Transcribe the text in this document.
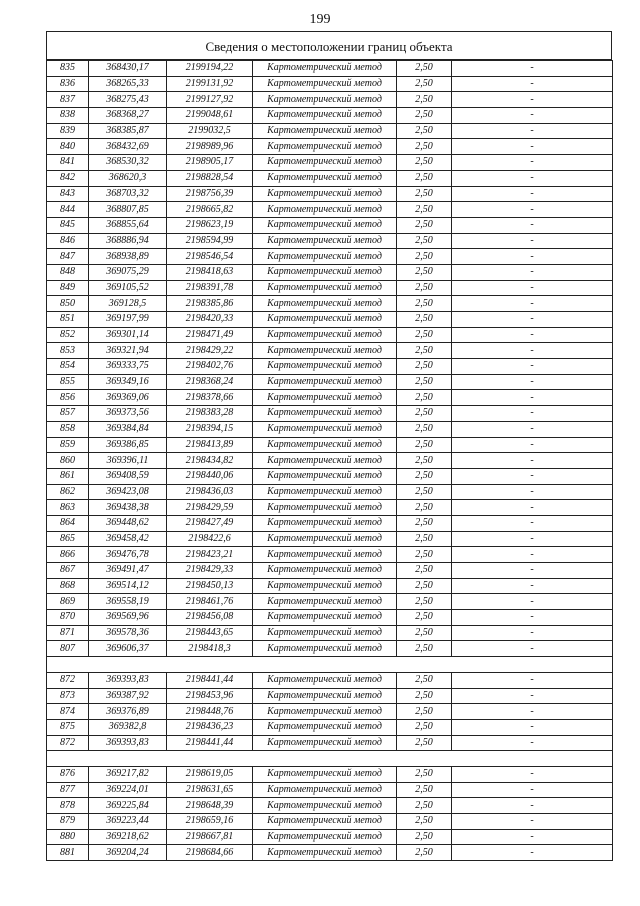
199
Сведения о местоположении границ объекта
835	368430,17	2199194,22	Картометрический метод	2,50	-
836	368265,33	2199131,92	Картометрический метод	2,50	-
837	368275,43	2199127,92	Картометрический метод	2,50	-
838	368368,27	2199048,61	Картометрический метод	2,50	-
839	368385,87	2199032,5	Картометрический метод	2,50	-
840	368432,69	2198989,96	Картометрический метод	2,50	-
841	368530,32	2198905,17	Картометрический метод	2,50	-
842	368620,3	2198828,54	Картометрический метод	2,50	-
843	368703,32	2198756,39	Картометрический метод	2,50	-
844	368807,85	2198665,82	Картометрический метод	2,50	-
845	368855,64	2198623,19	Картометрический метод	2,50	-
846	368886,94	2198594,99	Картометрический метод	2,50	-
847	368938,89	2198546,54	Картометрический метод	2,50	-
848	369075,29	2198418,63	Картометрический метод	2,50	-
849	369105,52	2198391,78	Картометрический метод	2,50	-
850	369128,5	2198385,86	Картометрический метод	2,50	-
851	369197,99	2198420,33	Картометрический метод	2,50	-
852	369301,14	2198471,49	Картометрический метод	2,50	-
853	369321,94	2198429,22	Картометрический метод	2,50	-
854	369333,75	2198402,76	Картометрический метод	2,50	-
855	369349,16	2198368,24	Картометрический метод	2,50	-
856	369369,06	2198378,66	Картометрический метод	2,50	-
857	369373,56	2198383,28	Картометрический метод	2,50	-
858	369384,84	2198394,15	Картометрический метод	2,50	-
859	369386,85	2198413,89	Картометрический метод	2,50	-
860	369396,11	2198434,82	Картометрический метод	2,50	-
861	369408,59	2198440,06	Картометрический метод	2,50	-
862	369423,08	2198436,03	Картометрический метод	2,50	-
863	369438,38	2198429,59	Картометрический метод	2,50	-
864	369448,62	2198427,49	Картометрический метод	2,50	-
865	369458,42	2198422,6	Картометрический метод	2,50	-
866	369476,78	2198423,21	Картометрический метод	2,50	-
867	369491,47	2198429,33	Картометрический метод	2,50	-
868	369514,12	2198450,13	Картометрический метод	2,50	-
869	369558,19	2198461,76	Картометрический метод	2,50	-
870	369569,96	2198456,08	Картометрический метод	2,50	-
871	369578,36	2198443,65	Картометрический метод	2,50	-
807	369606,37	2198418,3	Картометрический метод	2,50	-

872	369393,83	2198441,44	Картометрический метод	2,50	-
873	369387,92	2198453,96	Картометрический метод	2,50	-
874	369376,89	2198448,76	Картометрический метод	2,50	-
875	369382,8	2198436,23	Картометрический метод	2,50	-
872	369393,83	2198441,44	Картометрический метод	2,50	-

876	369217,82	2198619,05	Картометрический метод	2,50	-
877	369224,01	2198631,65	Картометрический метод	2,50	-
878	369225,84	2198648,39	Картометрический метод	2,50	-
879	369223,44	2198659,16	Картометрический метод	2,50	-
880	369218,62	2198667,81	Картометрический метод	2,50	-
881	369204,24	2198684,66	Картометрический метод	2,50	-
